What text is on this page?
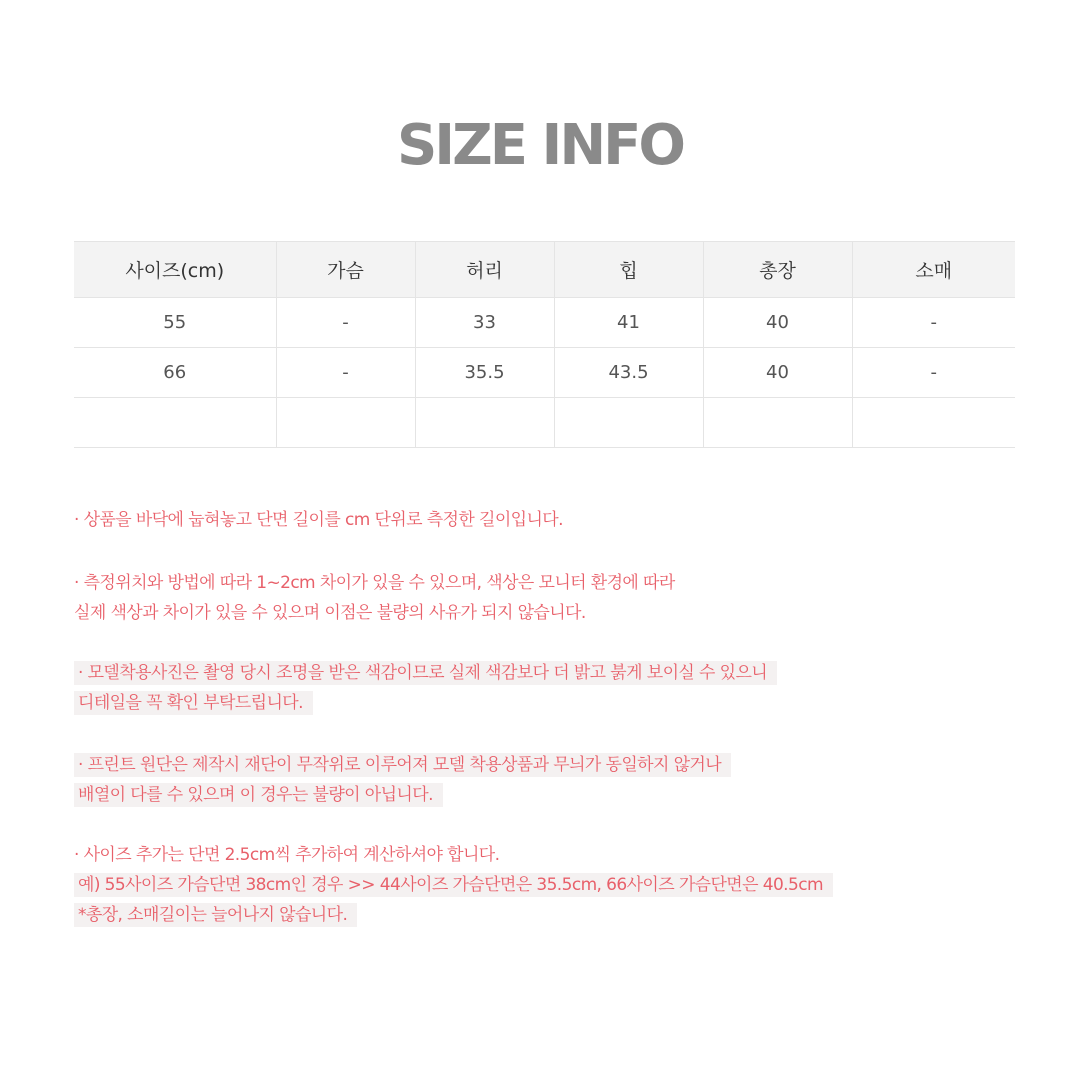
SIZE INFO
사이즈(cm)	가슴	허리	힙	총장	소매
55	-	33	41	40	-
66	-	35.5	43.5	40	-

· 상품을 바닥에 눕혀놓고 단면 길이를 cm 단위로 측정한 길이입니다.
· 측정위치와 방법에 따라 1~2cm 차이가 있을 수 있으며, 색상은 모니터 환경에 따라
실제 색상과 차이가 있을 수 있으며 이점은 불량의 사유가 되지 않습니다.
· 모델착용사진은 촬영 당시 조명을 받은 색감이므로 실제 색감보다 더 밝고 붉게 보이실 수 있으니
디테일을 꼭 확인 부탁드립니다.
· 프린트 원단은 제작시 재단이 무작위로 이루어져 모델 착용상품과 무늬가 동일하지 않거나
배열이 다를 수 있으며 이 경우는 불량이 아닙니다.
· 사이즈 추가는 단면 2.5cm씩 추가하여 계산하셔야 합니다.
예) 55사이즈 가슴단면 38cm인 경우 >> 44사이즈 가슴단면은 35.5cm, 66사이즈 가슴단면은 40.5cm
*총장, 소매길이는 늘어나지 않습니다.
